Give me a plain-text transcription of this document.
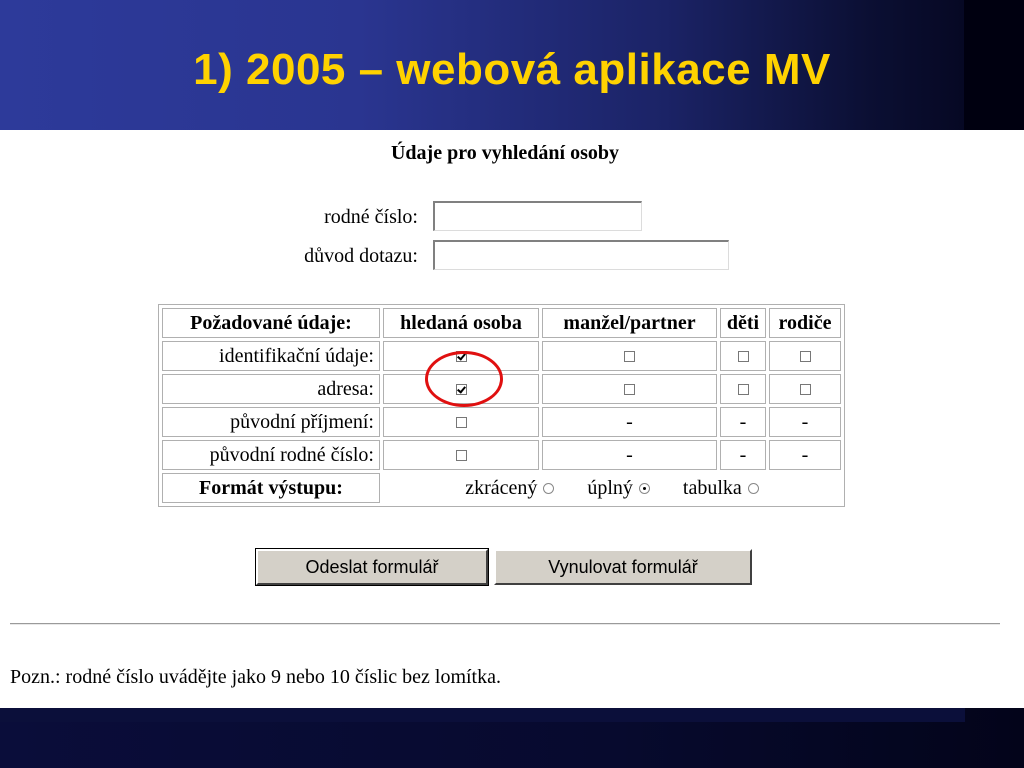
1) 2005 – webová aplikace MV
Údaje pro vyhledání osoby
rodné číslo:
důvod dotazu:
Požadované údaje:	hledaná osoba	manžel/partner	děti	rodiče
identifikační údaje:				
adresa:				
původní příjmení:		-	-	-
původní rodné číslo:		-	-	-
Formát výstupu:	zkrácený úplný tabulka			
Odeslat formulář	Vynulovat formulář
Pozn.: rodné číslo uvádějte jako 9 nebo 10 číslic bez lomítka.
